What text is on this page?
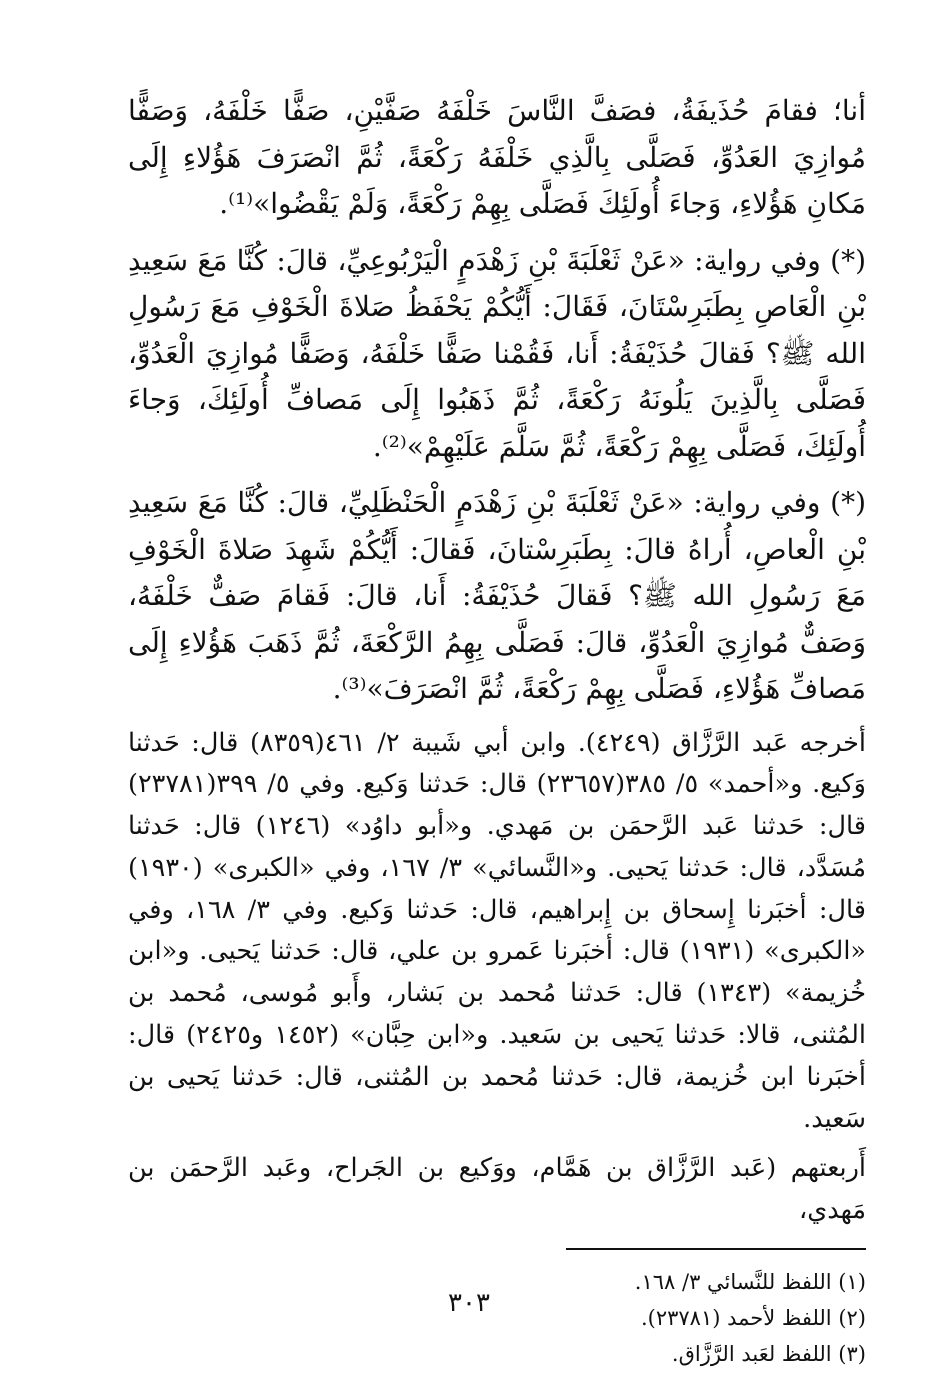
أنا؛ فقامَ حُذَيفَةُ، فصَفَّ النَّاسَ خَلْفَهُ صَفَّيْنِ، صَفًّا خَلْفَهُ، وَصَفًّا مُوازِيَ العَدُوِّ، فَصَلَّى بِالَّذِي خَلْفَهُ رَكْعَةً، ثُمَّ انْصَرَفَ هَؤُلاءِ إِلَى مَكانِ هَؤُلاءِ، وَجاءَ أُولَئِكَ فَصَلَّى بِهِمْ رَكْعَةً، وَلَمْ يَقْضُوا»⁽¹⁾.

(*) وفي رواية: «عَنْ ثَعْلَبَةَ بْنِ زَهْدَمٍ الْيَرْبُوعِيِّ، قالَ: كُنَّا مَعَ سَعِيدِ بْنِ الْعَاصِ بِطَبَرِسْتَانَ، فَقَالَ: أَيُّكُمْ يَحْفَظُ صَلاةَ الْخَوْفِ مَعَ رَسُولِ الله ﷺ؟ فَقالَ حُذَيْفَةُ: أَنا، فَقُمْنا صَفًّا خَلْفَهُ، وَصَفًّا مُوازِيَ الْعَدُوِّ، فَصَلَّى بِالَّذِينَ يَلُونَهُ رَكْعَةً، ثُمَّ ذَهَبُوا إِلَى مَصافِّ أُولَئِكَ، وَجاءَ أُولَئِكَ، فَصَلَّى بِهِمْ رَكْعَةً، ثُمَّ سَلَّمَ عَلَيْهِمْ»⁽²⁾.

(*) وفي رواية: «عَنْ ثَعْلَبَةَ بْنِ زَهْدَمٍ الْحَنْظَلِيِّ، قالَ: كُنَّا مَعَ سَعِيدِ بْنِ الْعاصِ، أُراهُ قالَ: بِطَبَرِسْتانَ، فَقالَ: أَيُّكُمْ شَهِدَ صَلاةَ الْخَوْفِ مَعَ رَسُولِ الله ﷺ؟ فَقالَ حُذَيْفَةُ: أَنا، قالَ: فَقامَ صَفٌّ خَلْفَهُ، وَصَفٌّ مُوازِيَ الْعَدُوِّ، قالَ: فَصَلَّى بِهِمُ الرَّكْعَةَ، ثُمَّ ذَهَبَ هَؤُلاءِ إِلَى مَصافِّ هَؤُلاءِ، فَصَلَّى بِهِمْ رَكْعَةً، ثُمَّ انْصَرَفَ»⁽³⁾.

أخرجه عَبد الرَّزَّاق (٤٢٤٩). وابن أبي شَيبة ٢/ ٤٦١(٨٣٥٩) قال: حَدثنا وَكيع. و«أحمد» ٥/ ٣٨٥(٢٣٦٥٧) قال: حَدثنا وَكيع. وفي ٥/ ٣٩٩(٢٣٧٨١) قال: حَدثنا عَبد الرَّحمَن بن مَهدي. و«أبو داوُد» (١٢٤٦) قال: حَدثنا مُسَدَّد، قال: حَدثنا يَحيى. و«النَّسائي» ٣/ ١٦٧، وفي «الكبرى» (١٩٣٠) قال: أخبَرنا إِسحاق بن إِبراهيم، قال: حَدثنا وَكيع. وفي ٣/ ١٦٨، وفي «الكبرى» (١٩٣١) قال: أخبَرنا عَمرو بن علي، قال: حَدثنا يَحيى. و«ابن خُزيمة» (١٣٤٣) قال: حَدثنا مُحمد بن بَشار، وأَبو مُوسى، مُحمد بن المُثنى، قالا: حَدثنا يَحيى بن سَعيد. و«ابن حِبَّان» (١٤٥٢ و٢٤٢٥) قال: أخبَرنا ابن خُزيمة، قال: حَدثنا مُحمد بن المُثنى، قال: حَدثنا يَحيى بن سَعيد.

أَربعتهم (عَبد الرَّزَّاق بن هَمَّام، ووَكيع بن الجَراح، وعَبد الرَّحمَن بن مَهدي،

(١) اللفظ للنَّسائي ٣/ ١٦٨.

(٢) اللفظ لأحمد (٢٣٧٨١).

(٣) اللفظ لعَبد الرَّزَّاق.

٣٠٣
